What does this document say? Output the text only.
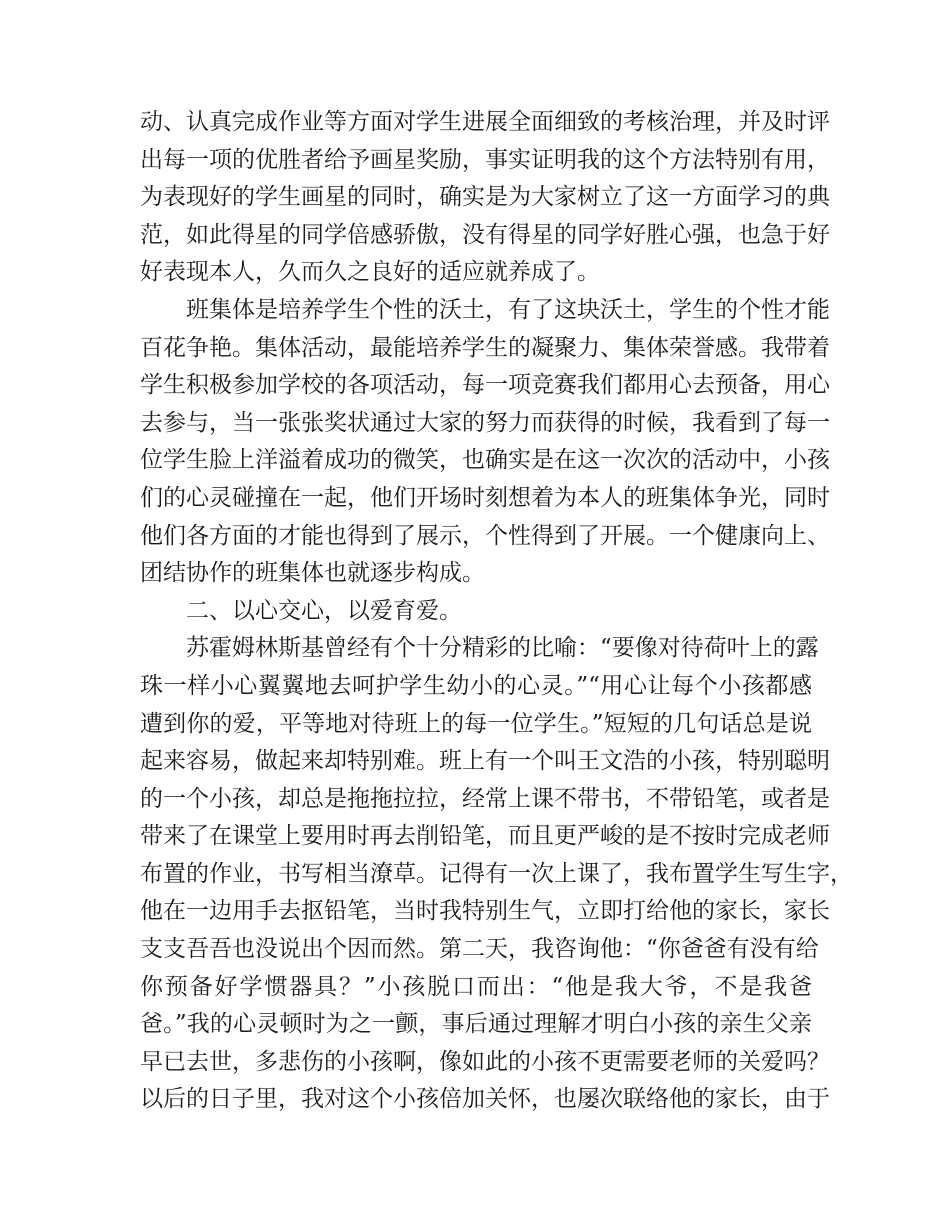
动、认真完成作业等方面对学生进展全面细致的考核治理，并及时评
出每一项的优胜者给予画星奖励，事实证明我的这个方法特别有用，
为表现好的学生画星的同时，确实是为大家树立了这一方面学习的典
范，如此得星的同学倍感骄傲，没有得星的同学好胜心强，也急于好
好表现本人，久而久之良好的适应就养成了。
班集体是培养学生个性的沃土，有了这块沃土，学生的个性才能
百花争艳。集体活动，最能培养学生的凝聚力、集体荣誉感。我带着
学生积极参加学校的各项活动，每一项竞赛我们都用心去预备，用心
去参与，当一张张奖状通过大家的努力而获得的时候，我看到了每一
位学生脸上洋溢着成功的微笑，也确实是在这一次次的活动中，小孩
们的心灵碰撞在一起，他们开场时刻想着为本人的班集体争光，同时
他们各方面的才能也得到了展示，个性得到了开展。一个健康向上、
团结协作的班集体也就逐步构成。
二、以心交心，以爱育爱。
苏霍姆林斯基曾经有个十分精彩的比喻：“要像对待荷叶上的露
珠一样小心翼翼地去呵护学生幼小的心灵。”“用心让每个小孩都感
遭到你的爱，平等地对待班上的每一位学生。”短短的几句话总是说
起来容易，做起来却特别难。班上有一个叫王文浩的小孩，特别聪明
的一个小孩，却总是拖拖拉拉，经常上课不带书，不带铅笔，或者是
带来了在课堂上要用时再去削铅笔，而且更严峻的是不按时完成老师
布置的作业，书写相当潦草。记得有一次上课了，我布置学生写生字，
他在一边用手去抠铅笔，当时我特别生气，立即打给他的家长，家长
支支吾吾也没说出个因而然。第二天，我咨询他：“你爸爸有没有给
你预备好学惯器具？”小孩脱口而出：“他是我大爷，不是我爸
爸。”我的心灵顿时为之一颤，事后通过理解才明白小孩的亲生父亲
早已去世，多悲伤的小孩啊，像如此的小孩不更需要老师的关爱吗？
以后的日子里，我对这个小孩倍加关怀，也屡次联络他的家长，由于
